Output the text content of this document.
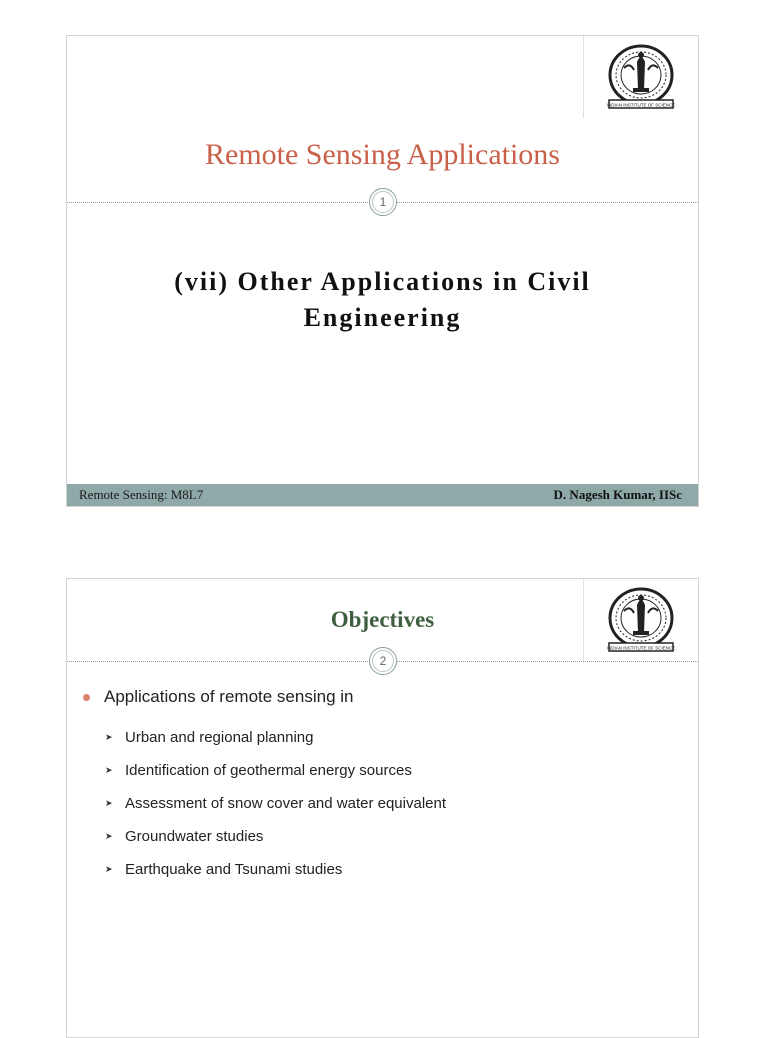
INDIAN INSTITUTE OF SCIENCE
Remote Sensing Applications
1
(vii) Other Applications in Civil
Engineering
Remote Sensing: M8L7	D. Nagesh Kumar, IISc
INDIAN INSTITUTE OF SCIENCE
Objectives
2
Applications of remote sensing in
➤ Urban and regional planning
➤ Identification of geothermal energy sources
➤ Assessment of snow cover and water equivalent
➤ Groundwater studies
➤ Earthquake and Tsunami studies
